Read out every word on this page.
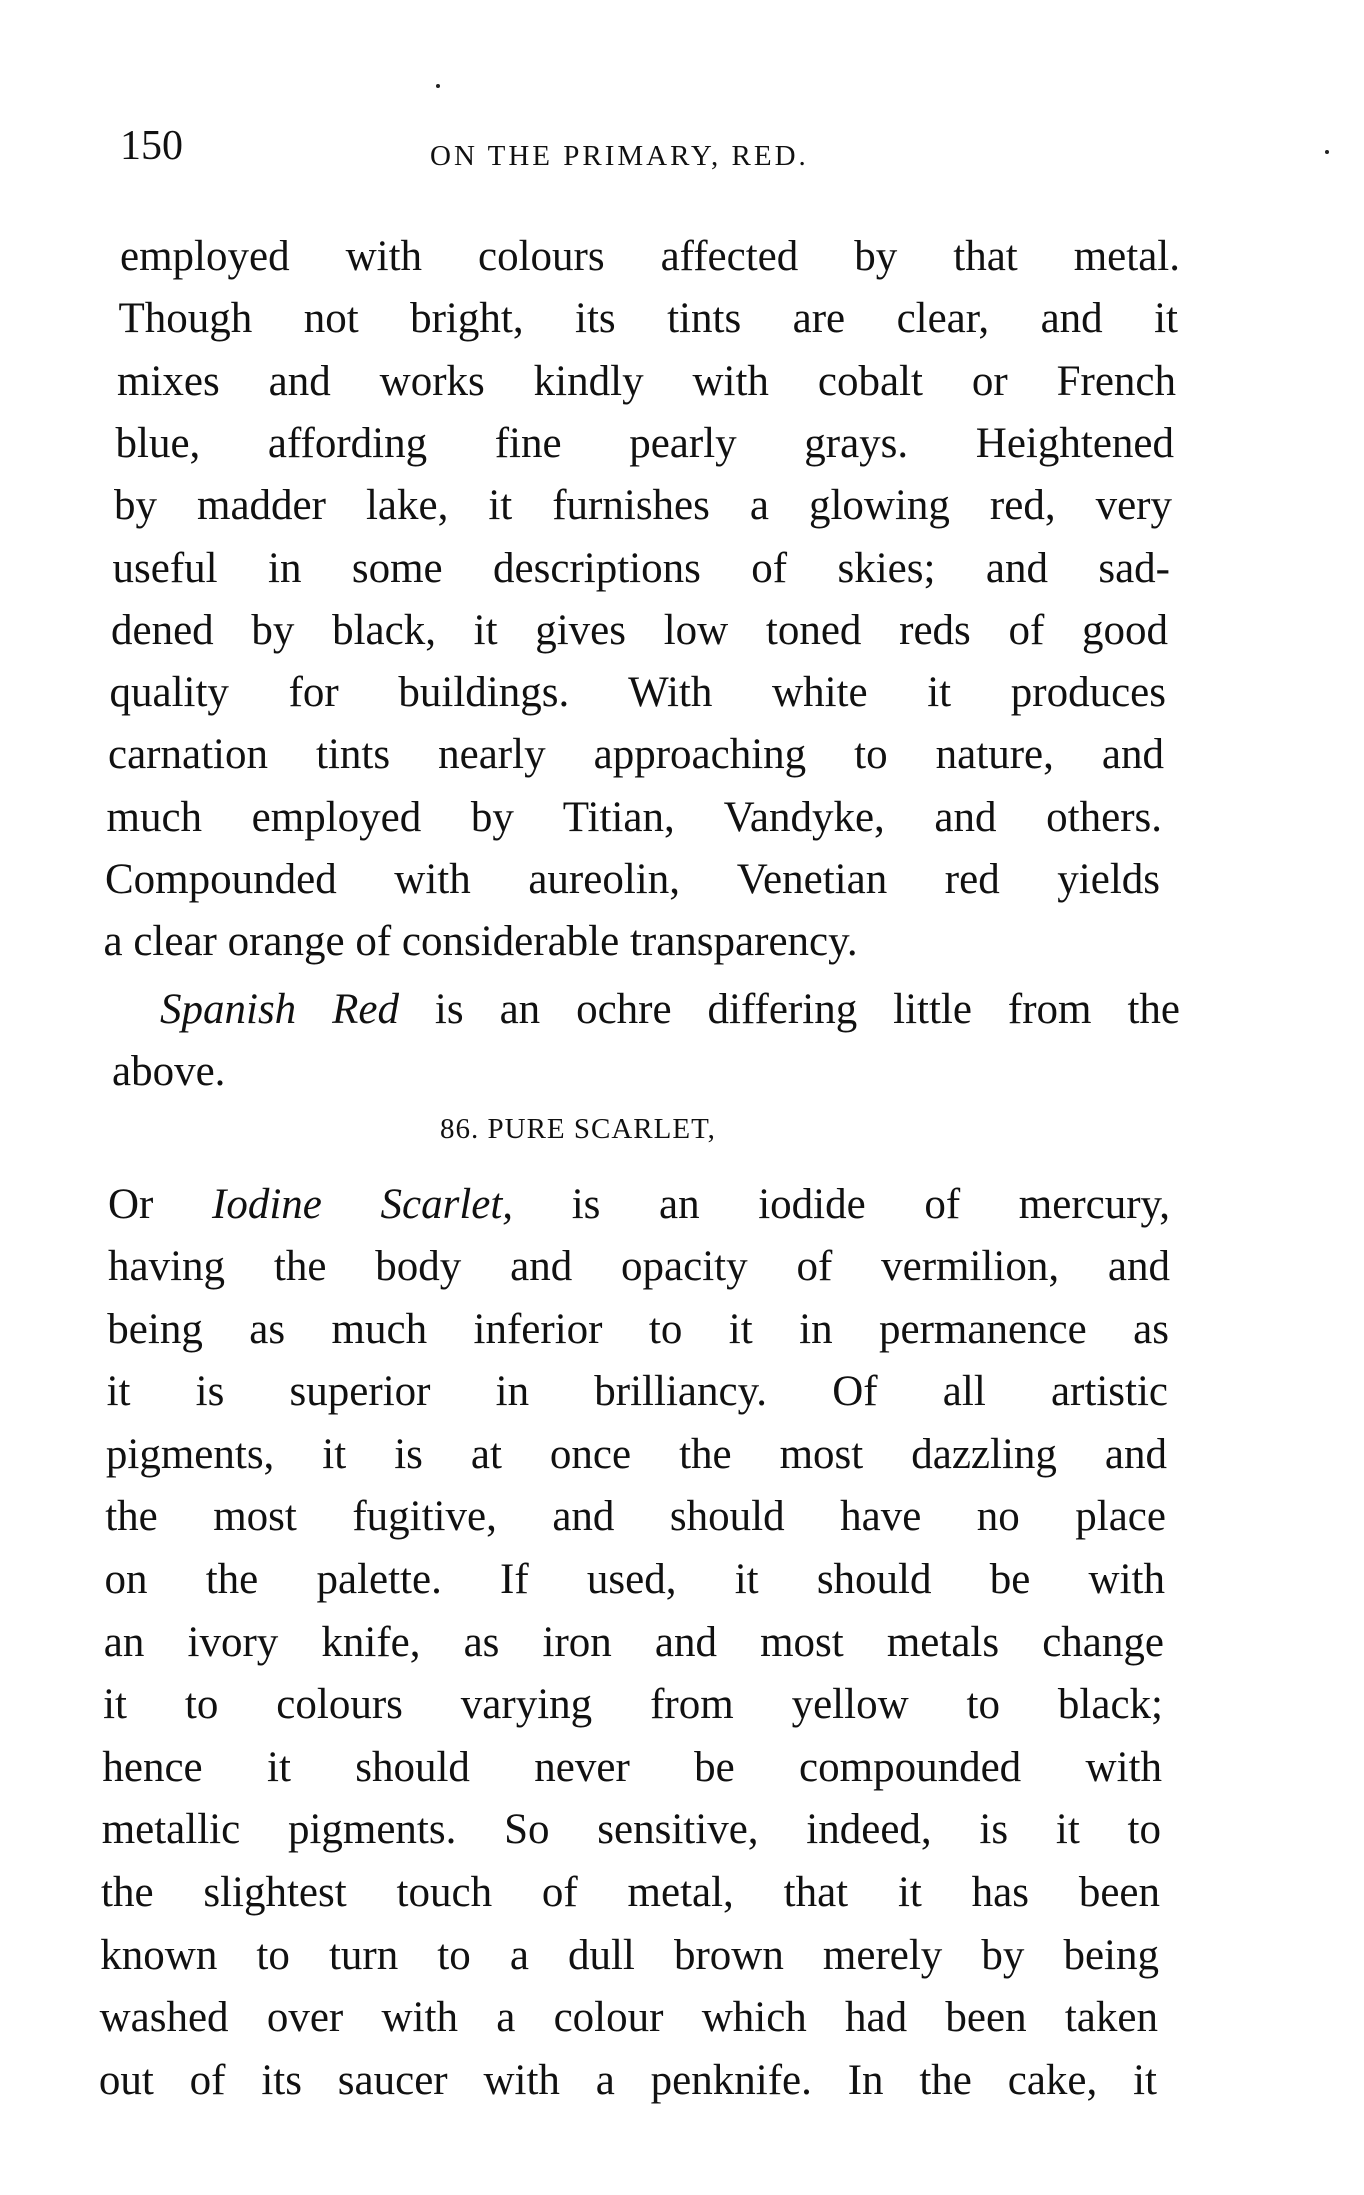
150	ON THE PRIMARY, RED.
employed with colours affected by that metal.
Though not bright, its tints are clear, and it
mixes and works kindly with cobalt or French
blue, affording fine pearly grays. Heightened
by madder lake, it furnishes a glowing red, very
useful in some descriptions of skies; and sad-
dened by black, it gives low toned reds of good
quality for buildings. With white it produces
carnation tints nearly approaching to nature, and
much employed by Titian, Vandyke, and others.
Compounded with aureolin, Venetian red yields
a clear orange of considerable transparency.
having the body and opacity of vermilion, and
being as much inferior to it in permanence as
it is superior in brilliancy. Of all artistic
pigments, it is at once the most dazzling and
the most fugitive, and should have no place
on the palette. If used, it should be with
an ivory knife, as iron and most metals change
it to colours varying from yellow to black;
hence it should never be compounded with
metallic pigments. So sensitive, indeed, is it to
the slightest touch of metal, that it has been
known to turn to a dull brown merely by being
washed over with a colour which had been taken
out of its saucer with a penknife. In the cake, it
Spanish Red is an ochre differing little from the
above.
86. PURE SCARLET,
Or Iodine Scarlet, is an iodide of mercury,
